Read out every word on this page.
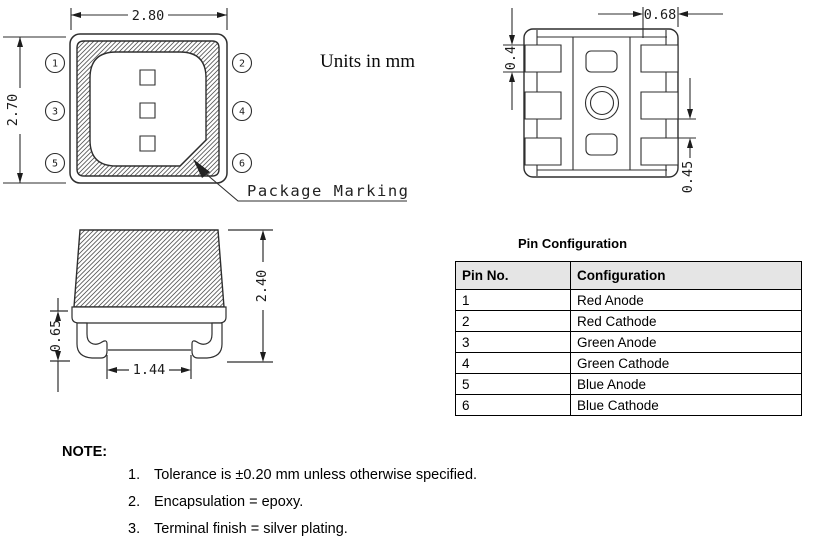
2.80
2.70
1	2
3	4
5	6
Package Marking
Units in mm
0.68
0.4
0.45
2.40
0.65
1.44
Pin Configuration
Pin No.	Configuration
1	Red Anode
2	Red Cathode
3	Green Anode
4	Green Cathode
5	Blue Anode
6	Blue Cathode
NOTE:
1. Tolerance is ±0.20 mm unless otherwise specified.
2. Encapsulation = epoxy.
3. Terminal finish = silver plating.
